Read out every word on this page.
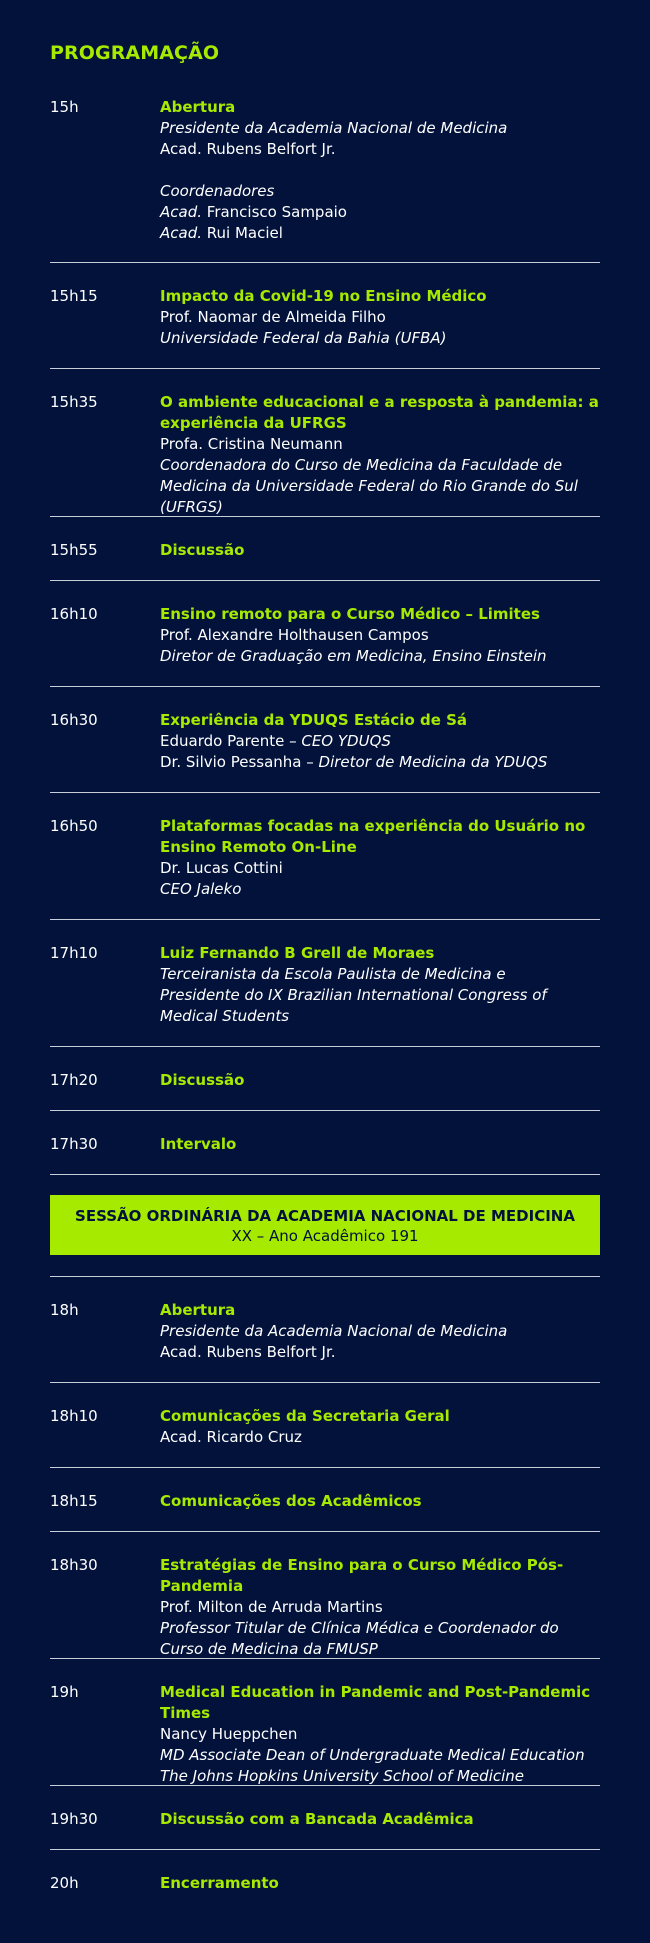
PROGRAMAÇÃO
15h	Abertura
Presidente da Academia Nacional de Medicina
Acad. Rubens Belfort Jr.
Coordenadores
Acad. Francisco Sampaio
Acad. Rui Maciel
15h15	Impacto da Covid-19 no Ensino Médico
Prof. Naomar de Almeida Filho
Universidade Federal da Bahia (UFBA)
15h35	O ambiente educacional e a resposta à pandemia: a experiência da UFRGS
Profa. Cristina Neumann
Coordenadora do Curso de Medicina da Faculdade de Medicina da Universidade Federal do Rio Grande do Sul (UFRGS)
15h55	Discussão
16h10	Ensino remoto para o Curso Médico – Limites
Prof. Alexandre Holthausen Campos
Diretor de Graduação em Medicina, Ensino Einstein
16h30	Experiência da YDUQS Estácio de Sá
Eduardo Parente – CEO YDUQS
Dr. Silvio Pessanha – Diretor de Medicina da YDUQS
16h50	Plataformas focadas na experiência do Usuário no Ensino Remoto On-Line
Dr. Lucas Cottini
CEO Jaleko
17h10	Luiz Fernando B Grell de Moraes
Terceiranista da Escola Paulista de Medicina e
Presidente do IX Brazilian International Congress of Medical Students
17h20	Discussão
17h30	Intervalo
SESSÃO ORDINÁRIA DA ACADEMIA NACIONAL DE MEDICINA
XX – Ano Acadêmico 191
18h	Abertura
Presidente da Academia Nacional de Medicina
Acad. Rubens Belfort Jr.
18h10	Comunicações da Secretaria Geral
Acad. Ricardo Cruz
18h15	Comunicações dos Acadêmicos
18h30	Estratégias de Ensino para o Curso Médico Pós-Pandemia
Prof. Milton de Arruda Martins
Professor Titular de Clínica Médica e Coordenador do Curso de Medicina da FMUSP
19h	Medical Education in Pandemic and Post-Pandemic Times
Nancy Hueppchen
MD Associate Dean of Undergraduate Medical Education The Johns Hopkins University School of Medicine
19h30	Discussão com a Bancada Acadêmica
20h	Encerramento
